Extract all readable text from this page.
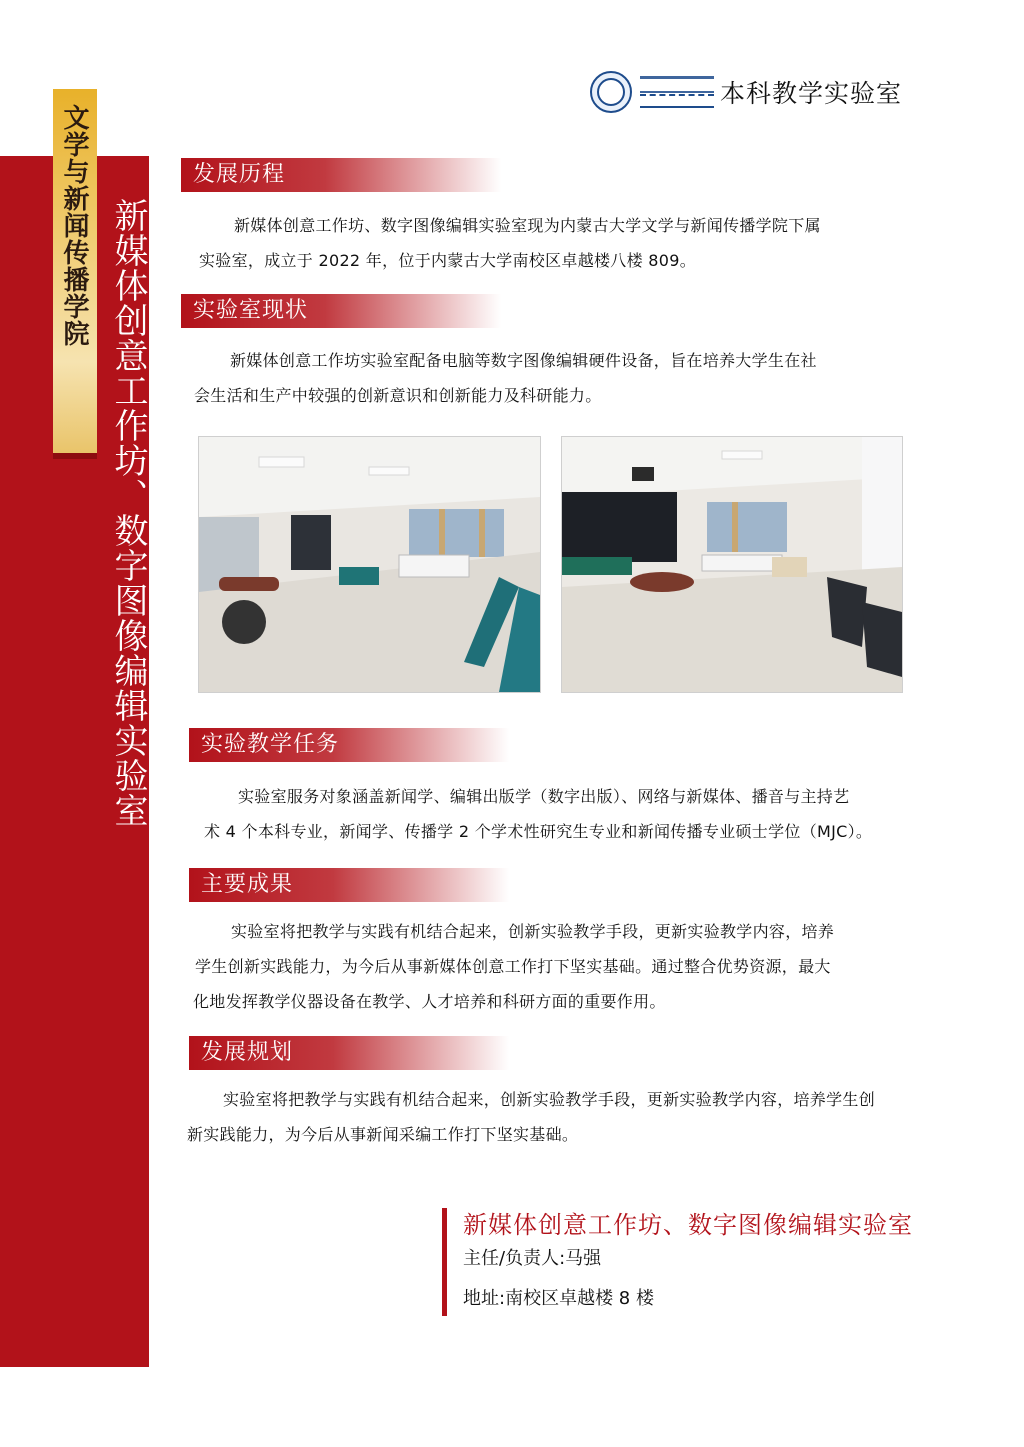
文学与新闻传播学院 新媒体创意工作坊、数字图像编辑实验室
本科教学实验室
发展历程

新媒体创意工作坊、数字图像编辑实验室现为内蒙古大学文学与新闻传播学院下属

实验室，成立于 2022 年，位于内蒙古大学南校区卓越楼八楼 809。

实验室现状

新媒体创意工作坊实验室配备电脑等数字图像编辑硬件设备，旨在培养大学生在社

会生活和生产中较强的创新意识和创新能力及科研能力。

实验教学任务

实验室服务对象涵盖新闻学、编辑出版学（数字出版）、网络与新媒体、播音与主持艺

术 4 个本科专业，新闻学、传播学 2 个学术性研究生专业和新闻传播专业硕士学位（MJC）。

主要成果

实验室将把教学与实践有机结合起来，创新实验教学手段，更新实验教学内容，培养

学生创新实践能力，为今后从事新媒体创意工作打下坚实基础。通过整合优势资源，最大

化地发挥教学仪器设备在教学、人才培养和科研方面的重要作用。

发展规划

实验室将把教学与实践有机结合起来，创新实验教学手段，更新实验教学内容，培养学生创

新实践能力，为今后从事新闻采编工作打下坚实基础。

新媒体创意工作坊、数字图像编辑实验室
主任/负责人:马强
地址:南校区卓越楼 8 楼
